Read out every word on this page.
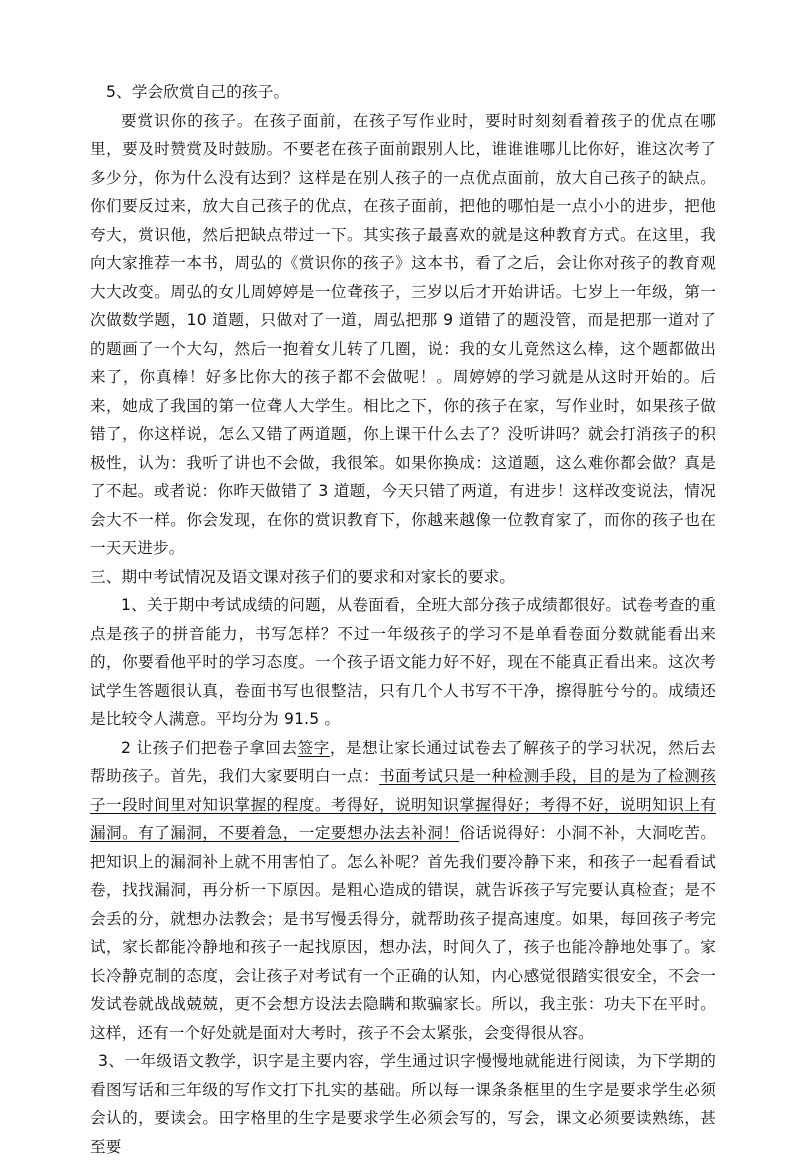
5、学会欣赏自己的孩子。

要赏识你的孩子。在孩子面前，在孩子写作业时，要时时刻刻看着孩子的优点在哪里，要及时赞赏及时鼓励。不要老在孩子面前跟别人比，谁谁谁哪儿比你好，谁这次考了多少分，你为什么没有达到？这样是在别人孩子的一点优点面前，放大自己孩子的缺点。你们要反过来，放大自己孩子的优点，在孩子面前，把他的哪怕是一点小小的进步，把他夸大，赏识他，然后把缺点带过一下。其实孩子最喜欢的就是这种教育方式。在这里，我向大家推荐一本书，周弘的《赏识你的孩子》这本书，看了之后，会让你对孩子的教育观大大改变。周弘的女儿周婷婷是一位聋孩子，三岁以后才开始讲话。七岁上一年级，第一次做数学题，10 道题，只做对了一道，周弘把那 9 道错了的题没管，而是把那一道对了的题画了一个大勾，然后一抱着女儿转了几圈，说：我的女儿竟然这么棒，这个题都做出来了，你真棒！好多比你大的孩子都不会做呢！。周婷婷的学习就是从这时开始的。后来，她成了我国的第一位聋人大学生。相比之下，你的孩子在家，写作业时，如果孩子做错了，你这样说，怎么又错了两道题，你上课干什么去了？没听讲吗？就会打消孩子的积极性，认为：我听了讲也不会做，我很笨。如果你换成：这道题，这么难你都会做？真是了不起。或者说：你昨天做错了 3 道题，今天只错了两道，有进步！这样改变说法，情况会大不一样。你会发现，在你的赏识教育下，你越来越像一位教育家了，而你的孩子也在一天天进步。

三、期中考试情况及语文课对孩子们的要求和对家长的要求。

1、关于期中考试成绩的问题，从卷面看，全班大部分孩子成绩都很好。试卷考查的重点是孩子的拼音能力，书写怎样？不过一年级孩子的学习不是单看卷面分数就能看出来的，你要看他平时的学习态度。一个孩子语文能力好不好，现在不能真正看出来。这次考试学生答题很认真，卷面书写也很整洁，只有几个人书写不干净，擦得脏兮兮的。成绩还是比较令人满意。平均分为 91.5 。

2 让孩子们把卷子拿回去签字，是想让家长通过试卷去了解孩子的学习状况，然后去帮助孩子。首先，我们大家要明白一点：书面考试只是一种检测手段，目的是为了检测孩子一段时间里对知识掌握的程度。考得好，说明知识掌握得好；考得不好，说明知识上有漏洞。有了漏洞，不要着急，一定要想办法去补洞！俗话说得好：小洞不补，大洞吃苦。把知识上的漏洞补上就不用害怕了。怎么补呢？首先我们要冷静下来，和孩子一起看看试卷，找找漏洞，再分析一下原因。是粗心造成的错误，就告诉孩子写完要认真检查；是不会丢的分，就想办法教会；是书写慢丢得分，就帮助孩子提高速度。如果，每回孩子考完试，家长都能冷静地和孩子一起找原因，想办法，时间久了，孩子也能冷静地处事了。家长冷静克制的态度，会让孩子对考试有一个正确的认知，内心感觉很踏实很安全，不会一发试卷就战战兢兢，更不会想方设法去隐瞒和欺骗家长。所以，我主张：功夫下在平时。这样，还有一个好处就是面对大考时，孩子不会太紧张，会变得很从容。

3、一年级语文教学，识字是主要内容，学生通过识字慢慢地就能进行阅读，为下学期的看图写话和三年级的写作文打下扎实的基础。所以每一课条条框里的生字是要求学生必须会认的，要读会。田字格里的生字是要求学生必须会写的，写会，课文必须要读熟练，甚至要
